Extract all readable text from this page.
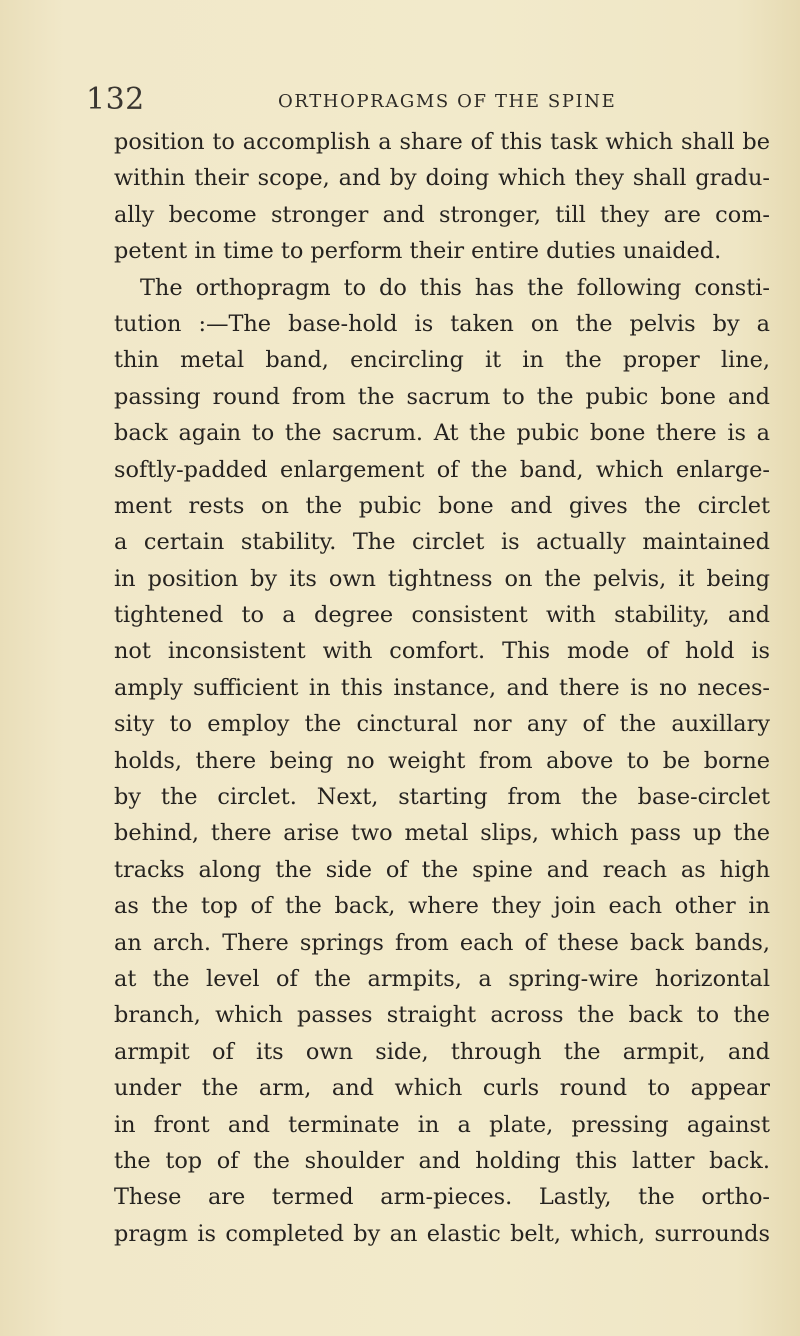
132	ORTHOPRAGMS OF THE SPINE
position to accomplish a share of this task which shall be
within their scope, and by doing which they shall gradu-
ally become stronger and stronger, till they are com-
petent in time to perform their entire duties unaided.
The orthopragm to do this has the following consti-
tution :—The base-hold is taken on the pelvis by a
thin metal band, encircling it in the proper line,
passing round from the sacrum to the pubic bone and
back again to the sacrum. At the pubic bone there is a
softly-padded enlargement of the band, which enlarge-
ment rests on the pubic bone and gives the circlet
a certain stability. The circlet is actually maintained
in position by its own tightness on the pelvis, it being
tightened to a degree consistent with stability, and
not inconsistent with comfort. This mode of hold is
amply sufficient in this instance, and there is no neces-
sity to employ the cinctural nor any of the auxillary
holds, there being no weight from above to be borne
by the circlet. Next, starting from the base-circlet
behind, there arise two metal slips, which pass up the
tracks along the side of the spine and reach as high
as the top of the back, where they join each other in
an arch. There springs from each of these back bands,
at the level of the armpits, a spring-wire horizontal
branch, which passes straight across the back to the
armpit of its own side, through the armpit, and
under the arm, and which curls round to appear
in front and terminate in a plate, pressing against
the top of the shoulder and holding this latter back.
These are termed arm-pieces. Lastly, the ortho-
pragm is completed by an elastic belt, which, surrounds
